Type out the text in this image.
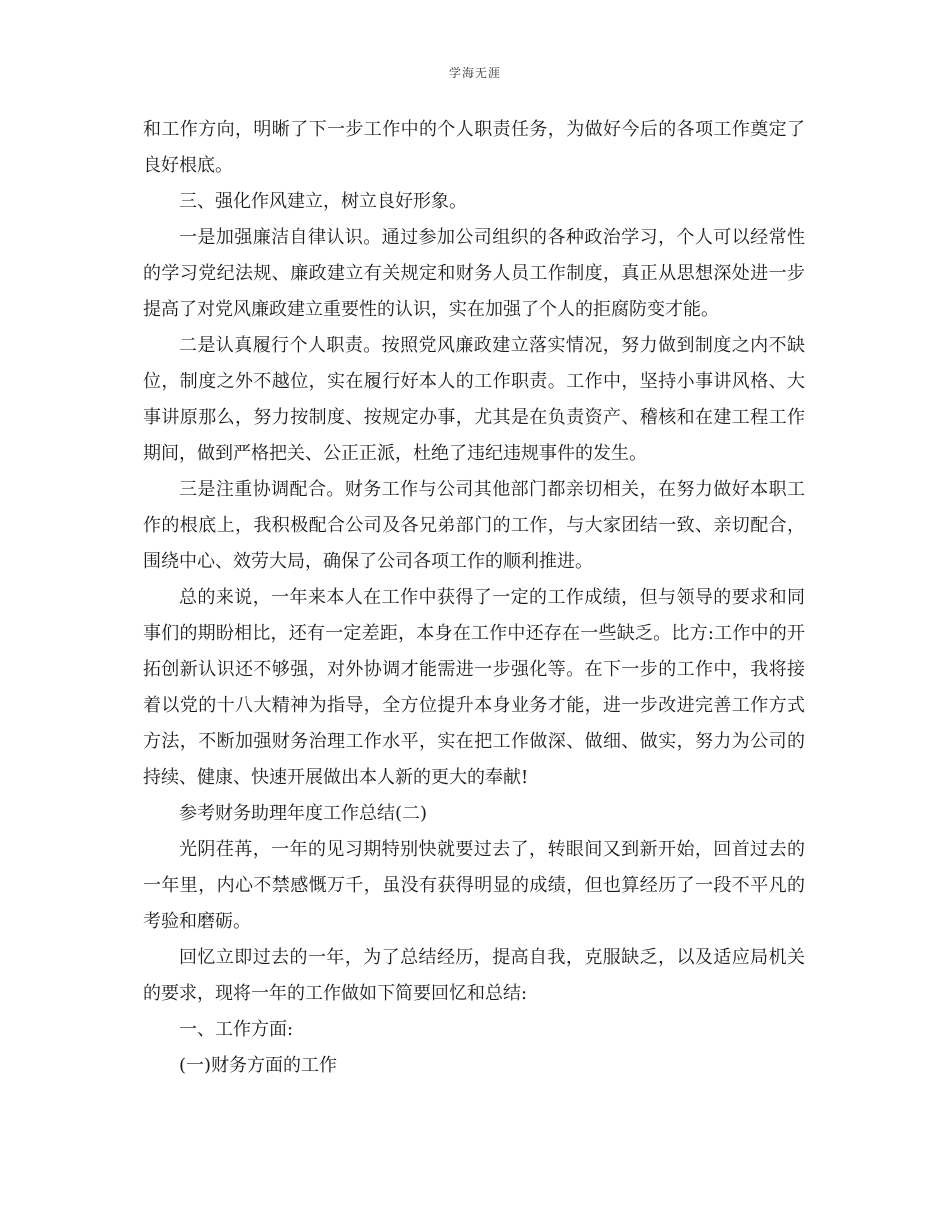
学海无涯

和工作方向，明晰了下一步工作中的个人职责任务，为做好今后的各项工作奠定了良好根底。

三、强化作风建立，树立良好形象。

一是加强廉洁自律认识。通过参加公司组织的各种政治学习，个人可以经常性的学习党纪法规、廉政建立有关规定和财务人员工作制度，真正从思想深处进一步提高了对党风廉政建立重要性的认识，实在加强了个人的拒腐防变才能。

二是认真履行个人职责。按照党风廉政建立落实情况，努力做到制度之内不缺位，制度之外不越位，实在履行好本人的工作职责。工作中，坚持小事讲风格、大事讲原那么，努力按制度、按规定办事，尤其是在负责资产、稽核和在建工程工作期间，做到严格把关、公正正派，杜绝了违纪违规事件的发生。

三是注重协调配合。财务工作与公司其他部门都亲切相关，在努力做好本职工作的根底上，我积极配合公司及各兄弟部门的工作，与大家团结一致、亲切配合，围绕中心、效劳大局，确保了公司各项工作的顺利推进。

总的来说，一年来本人在工作中获得了一定的工作成绩，但与领导的要求和同事们的期盼相比，还有一定差距，本身在工作中还存在一些缺乏。比方:工作中的开拓创新认识还不够强，对外协调才能需进一步强化等。在下一步的工作中，我将接着以党的十八大精神为指导，全方位提升本身业务才能，进一步改进完善工作方式方法，不断加强财务治理工作水平，实在把工作做深、做细、做实，努力为公司的持续、健康、快速开展做出本人新的更大的奉献!

参考财务助理年度工作总结(二)

光阴荏苒，一年的见习期特别快就要过去了，转眼间又到新开始，回首过去的一年里，内心不禁感慨万千，虽没有获得明显的成绩，但也算经历了一段不平凡的考验和磨砺。

回忆立即过去的一年，为了总结经历，提高自我，克服缺乏，以及适应局机关的要求，现将一年的工作做如下简要回忆和总结:

一、工作方面:

(一)财务方面的工作
